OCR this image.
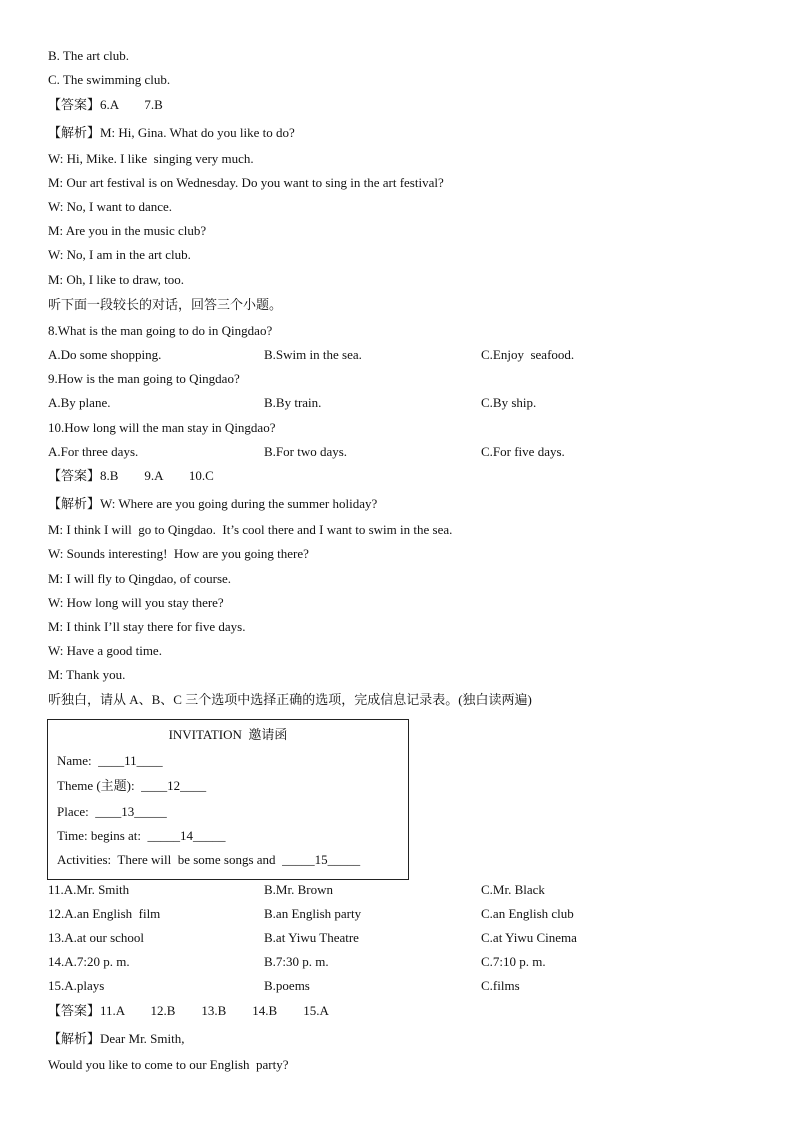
B. The art club.
C. The swimming club.
【答案】6.A        7.B
【解析】M: Hi, Gina. What do you like to do?
W: Hi, Mike. I like  singing very much.
M: Our art festival is on Wednesday. Do you want to sing in the art festival?
W: No, I want to dance.
M: Are you in the music club?
W: No, I am in the art club.
M: Oh, I like to draw, too.
听下面一段较长的对话，回答三个小题。
8.What is the man going to do in Qingdao?
A.Do some shopping.	B.Swim in the sea.	C.Enjoy  seafood.
9.How is the man going to Qingdao?
A.By plane.	B.By train.	C.By ship.
10.How long will the man stay in Qingdao?
A.For three days.	B.For two days.	C.For five days.
【答案】8.B        9.A        10.C
【解析】W: Where are you going during the summer holiday?
M: I think I will  go to Qingdao.  It’s cool there and I want to swim in the sea.
W: Sounds interesting!  How are you going there?
M: I will fly to Qingdao, of course.
W: How long will you stay there?
M: I think I’ll stay there for five days.
W: Have a good time.
M: Thank you.
听独白，请从 A、B、C 三个选项中选择正确的选项，完成信息记录表。(独白读两遍)
INVITATION  邀请函
Name:  ____11____
Theme (主题):  ____12____
Place:  ____13_____
Time: begins at:  _____14_____
Activities:  There will  be some songs and  _____15_____
11.A.Mr. Smith	B.Mr. Brown	C.Mr. Black
12.A.an English  film	B.an English party	C.an English club
13.A.at our school	B.at Yiwu Theatre	C.at Yiwu Cinema
14.A.7:20 p. m.	B.7:30 p. m.	C.7:10 p. m.
15.A.plays	B.poems	C.films
【答案】11.A        12.B        13.B        14.B        15.A
【解析】Dear Mr. Smith,
Would you like to come to our English  party?
